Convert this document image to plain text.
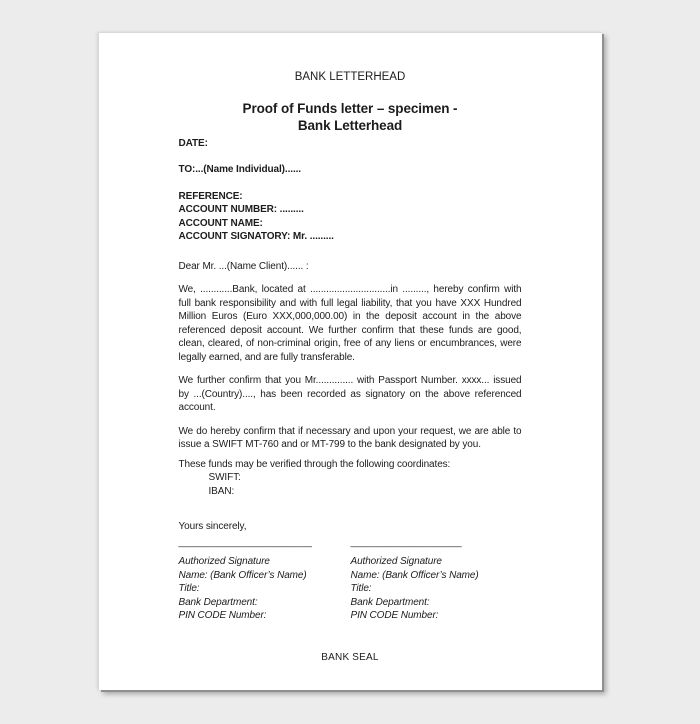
BANK LETTERHEAD
Proof of Funds letter – specimen -
Bank Letterhead
DATE:
TO:...(Name Individual)......
REFERENCE:
ACCOUNT NUMBER: .........
ACCOUNT NAME:
ACCOUNT SIGNATORY: Mr. .........
Dear Mr. ...(Name Client)...... :

We, ............Bank, located at ..............................in ........., hereby confirm with full bank responsibility and with full legal liability, that you have XXX Hundred Million Euros (Euro XXX,000,000.00) in the deposit account in the above referenced deposit account. We further confirm that these funds are good, clean, cleared, of non-criminal origin, free of any liens or encumbrances, were legally earned, and are fully transferable.

We further confirm that you Mr.............. with Passport Number. xxxx... issued by ...(Country)...., has been recorded as signatory on the above referenced account.

We do hereby confirm that if necessary and upon your request, we are able to issue a SWIFT MT-760 and or MT-799 to the bank designated by you.

These funds may be verified through the following coordinates:
SWIFT:
IBAN:
Yours sincerely,
________________________
Authorized Signature
Name: (Bank Officer’s Name)
Title:
Bank Department:
PIN CODE Number:
____________________
Authorized Signature
Name: (Bank Officer’s Name)
Title:
Bank Department:
PIN CODE Number:
BANK SEAL
